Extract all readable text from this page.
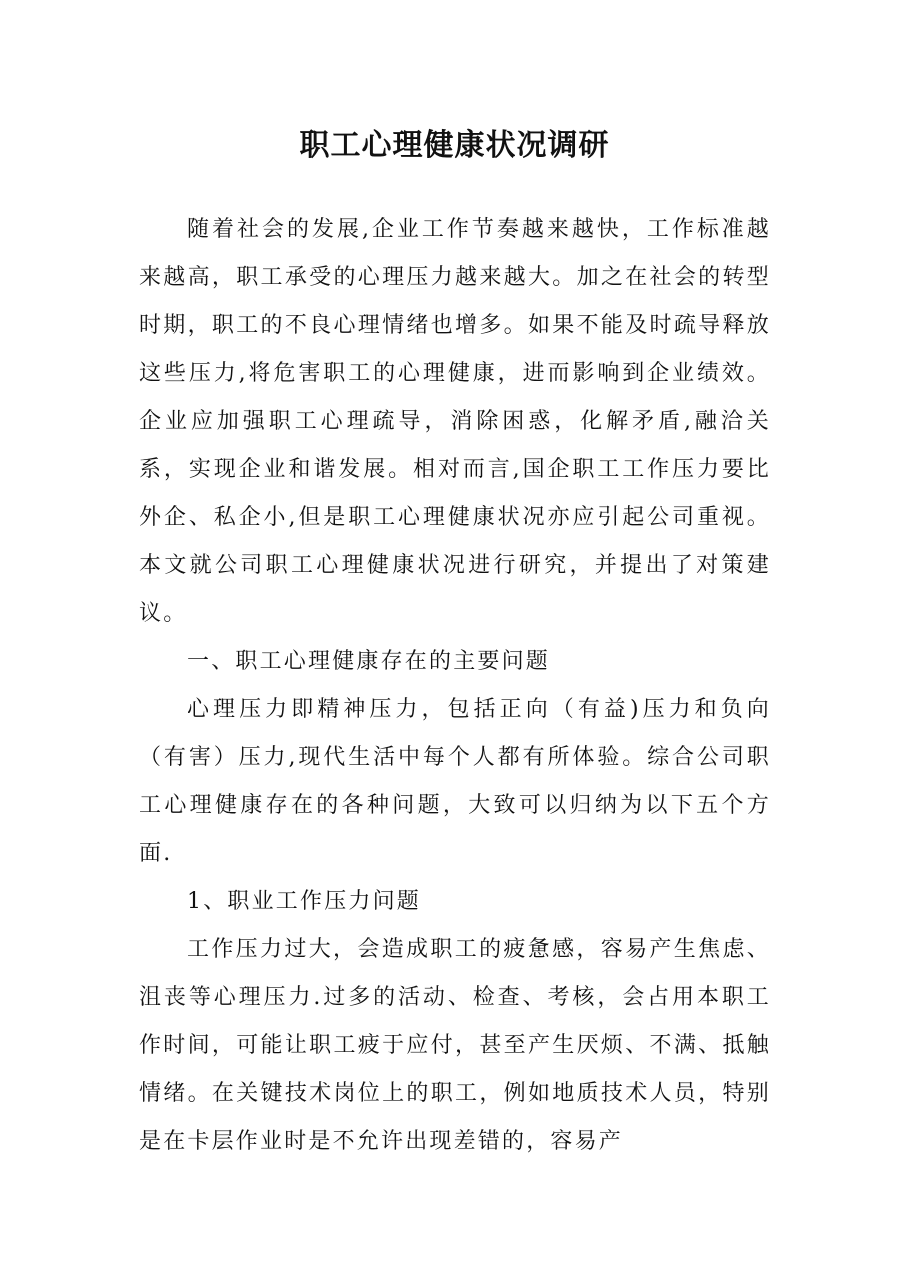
职工心理健康状况调研

随着社会的发展,企业工作节奏越来越快，工作标准越来越高，职工承受的心理压力越来越大。加之在社会的转型时期，职工的不良心理情绪也增多。如果不能及时疏导释放这些压力,将危害职工的心理健康，进而影响到企业绩效。企业应加强职工心理疏导，消除困惑，化解矛盾,融洽关系，实现企业和谐发展。相对而言,国企职工工作压力要比外企、私企小,但是职工心理健康状况亦应引起公司重视。本文就公司职工心理健康状况进行研究，并提出了对策建议。

一、职工心理健康存在的主要问题

心理压力即精神压力，包括正向（有益)压力和负向（有害）压力,现代生活中每个人都有所体验。综合公司职工心理健康存在的各种问题，大致可以归纳为以下五个方面.

1、职业工作压力问题

工作压力过大，会造成职工的疲惫感，容易产生焦虑、沮丧等心理压力.过多的活动、检查、考核，会占用本职工作时间，可能让职工疲于应付，甚至产生厌烦、不满、抵触情绪。在关键技术岗位上的职工，例如地质技术人员，特别是在卡层作业时是不允许出现差错的，容易产
